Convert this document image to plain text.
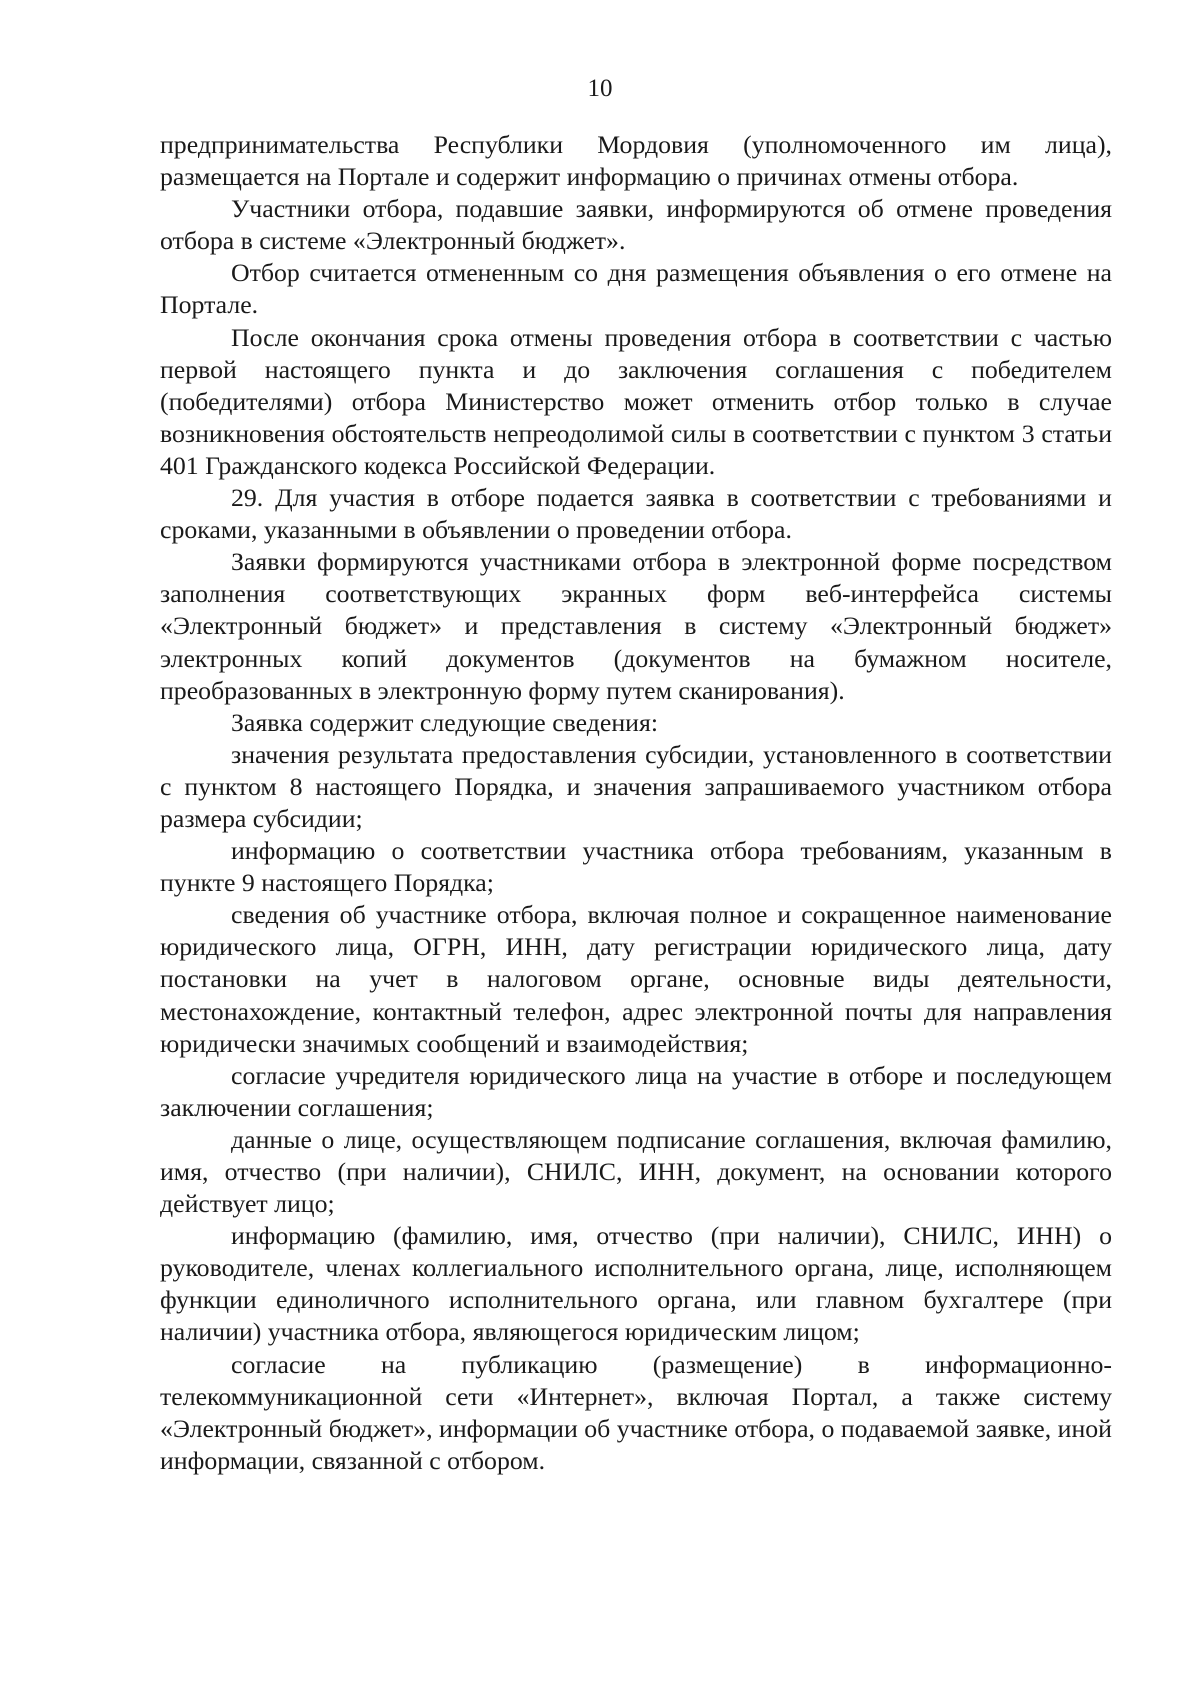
10

предпринимательства Республики Мордовия (уполномоченного им лица), размещается на Портале и содержит информацию о причинах отмены отбора.

Участники отбора, подавшие заявки, информируются об отмене проведения отбора в системе «Электронный бюджет».

Отбор считается отмененным со дня размещения объявления о его отмене на Портале.

После окончания срока отмены проведения отбора в соответствии с частью первой настоящего пункта и до заключения соглашения с победителем (победителями) отбора Министерство может отменить отбор только в случае возникновения обстоятельств непреодолимой силы в соответствии с пунктом 3 статьи 401 Гражданского кодекса Российской Федерации.

29. Для участия в отборе подается заявка в соответствии с требованиями и сроками, указанными в объявлении о проведении отбора.

Заявки формируются участниками отбора в электронной форме посредством заполнения соответствующих экранных форм веб-интерфейса системы «Электронный бюджет» и представления в систему «Электронный бюджет» электронных копий документов (документов на бумажном носителе, преобразованных в электронную форму путем сканирования).

Заявка содержит следующие сведения:

значения результата предоставления субсидии, установленного в соответствии с пунктом 8 настоящего Порядка, и значения запрашиваемого участником отбора размера субсидии;

информацию о соответствии участника отбора требованиям, указанным в пункте 9 настоящего Порядка;

сведения об участнике отбора, включая полное и сокращенное наименование юридического лица, ОГРН, ИНН, дату регистрации юридического лица, дату постановки на учет в налоговом органе, основные виды деятельности, местонахождение, контактный телефон, адрес электронной почты для направления юридически значимых сообщений и взаимодействия;

согласие учредителя юридического лица на участие в отборе и последующем заключении соглашения;

данные о лице, осуществляющем подписание соглашения, включая фамилию, имя, отчество (при наличии), СНИЛС, ИНН, документ, на основании которого действует лицо;

информацию (фамилию, имя, отчество (при наличии), СНИЛС, ИНН) о руководителе, членах коллегиального исполнительного органа, лице, исполняющем функции единоличного исполнительного органа, или главном бухгалтере (при наличии) участника отбора, являющегося юридическим лицом;

согласие на публикацию (размещение) в информационно-телекоммуникационной сети «Интернет», включая Портал, а также систему «Электронный бюджет», информации об участнике отбора, о подаваемой заявке, иной информации, связанной с отбором.
